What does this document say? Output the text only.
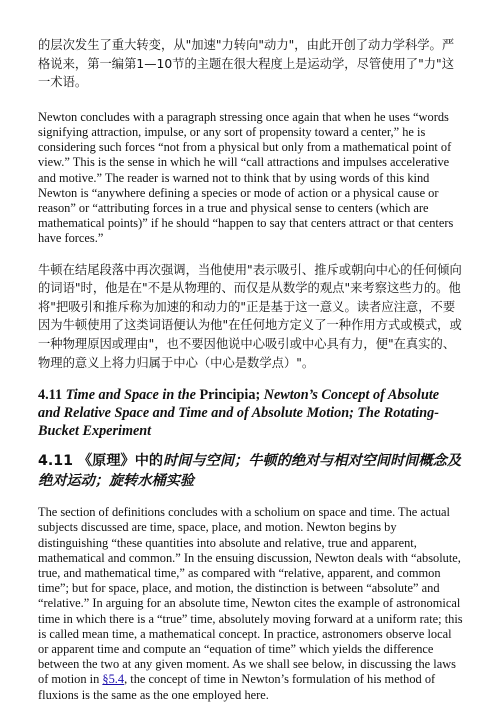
的层次发生了重大转变，从"加速"力转向"动力"，由此开创了动力学科学。严格说来，第一编第1—10节的主题在很大程度上是运动学，尽管使用了"力"这一术语。

Newton concludes with a paragraph stressing once again that when he uses “words signifying attraction, impulse, or any sort of propensity toward a center,” he is considering such forces “not from a physical but only from a mathematical point of view.” This is the sense in which he will “call attractions and impulses accelerative and motive.” The reader is warned not to think that by using words of this kind Newton is “anywhere defining a species or mode of action or a physical cause or reason” or “attributing forces in a true and physical sense to centers (which are mathematical points)” if he should “happen to say that centers attract or that centers have forces.”

牛顿在结尾段落中再次强调，当他使用"表示吸引、推斥或朝向中心的任何倾向的词语"时，他是在"不是从物理的、而仅是从数学的观点"来考察这些力的。他将"把吸引和推斥称为加速的和动力的"正是基于这一意义。读者应注意，不要因为牛顿使用了这类词语便认为他"在任何地方定义了一种作用方式或模式，或一种物理原因或理由"，也不要因他说中心吸引或中心具有力，便"在真实的、物理的意义上将力归属于中心（中心是数学点）"。

4.11 Time and Space in the Principia; Newton’s Concept of Absolute and Relative Space and Time and of Absolute Motion; The Rotating-Bucket Experiment
4.11 《原理》中的时间与空间；牛顿的绝对与相对空间时间概念及绝对运动；旋转水桶实验

The section of definitions concludes with a scholium on space and time. The actual subjects discussed are time, space, place, and motion. Newton begins by distinguishing “these quantities into absolute and relative, true and apparent, mathematical and common.” In the ensuing discussion, Newton deals with “absolute, true, and mathematical time,” as compared with “relative, apparent, and common time”; but for space, place, and motion, the distinction is between “absolute” and “relative.” In arguing for an absolute time, Newton cites the example of astronomical time in which there is a “true” time, absolutely moving forward at a uniform rate; this is called mean time, a mathematical concept. In practice, astronomers observe local or apparent time and compute an “equation of time” which yields the difference between the two at any given moment. As we shall see below, in discussing the laws of motion in §5.4, the concept of time in Newton’s formulation of his method of fluxions is the same as the one employed here.
